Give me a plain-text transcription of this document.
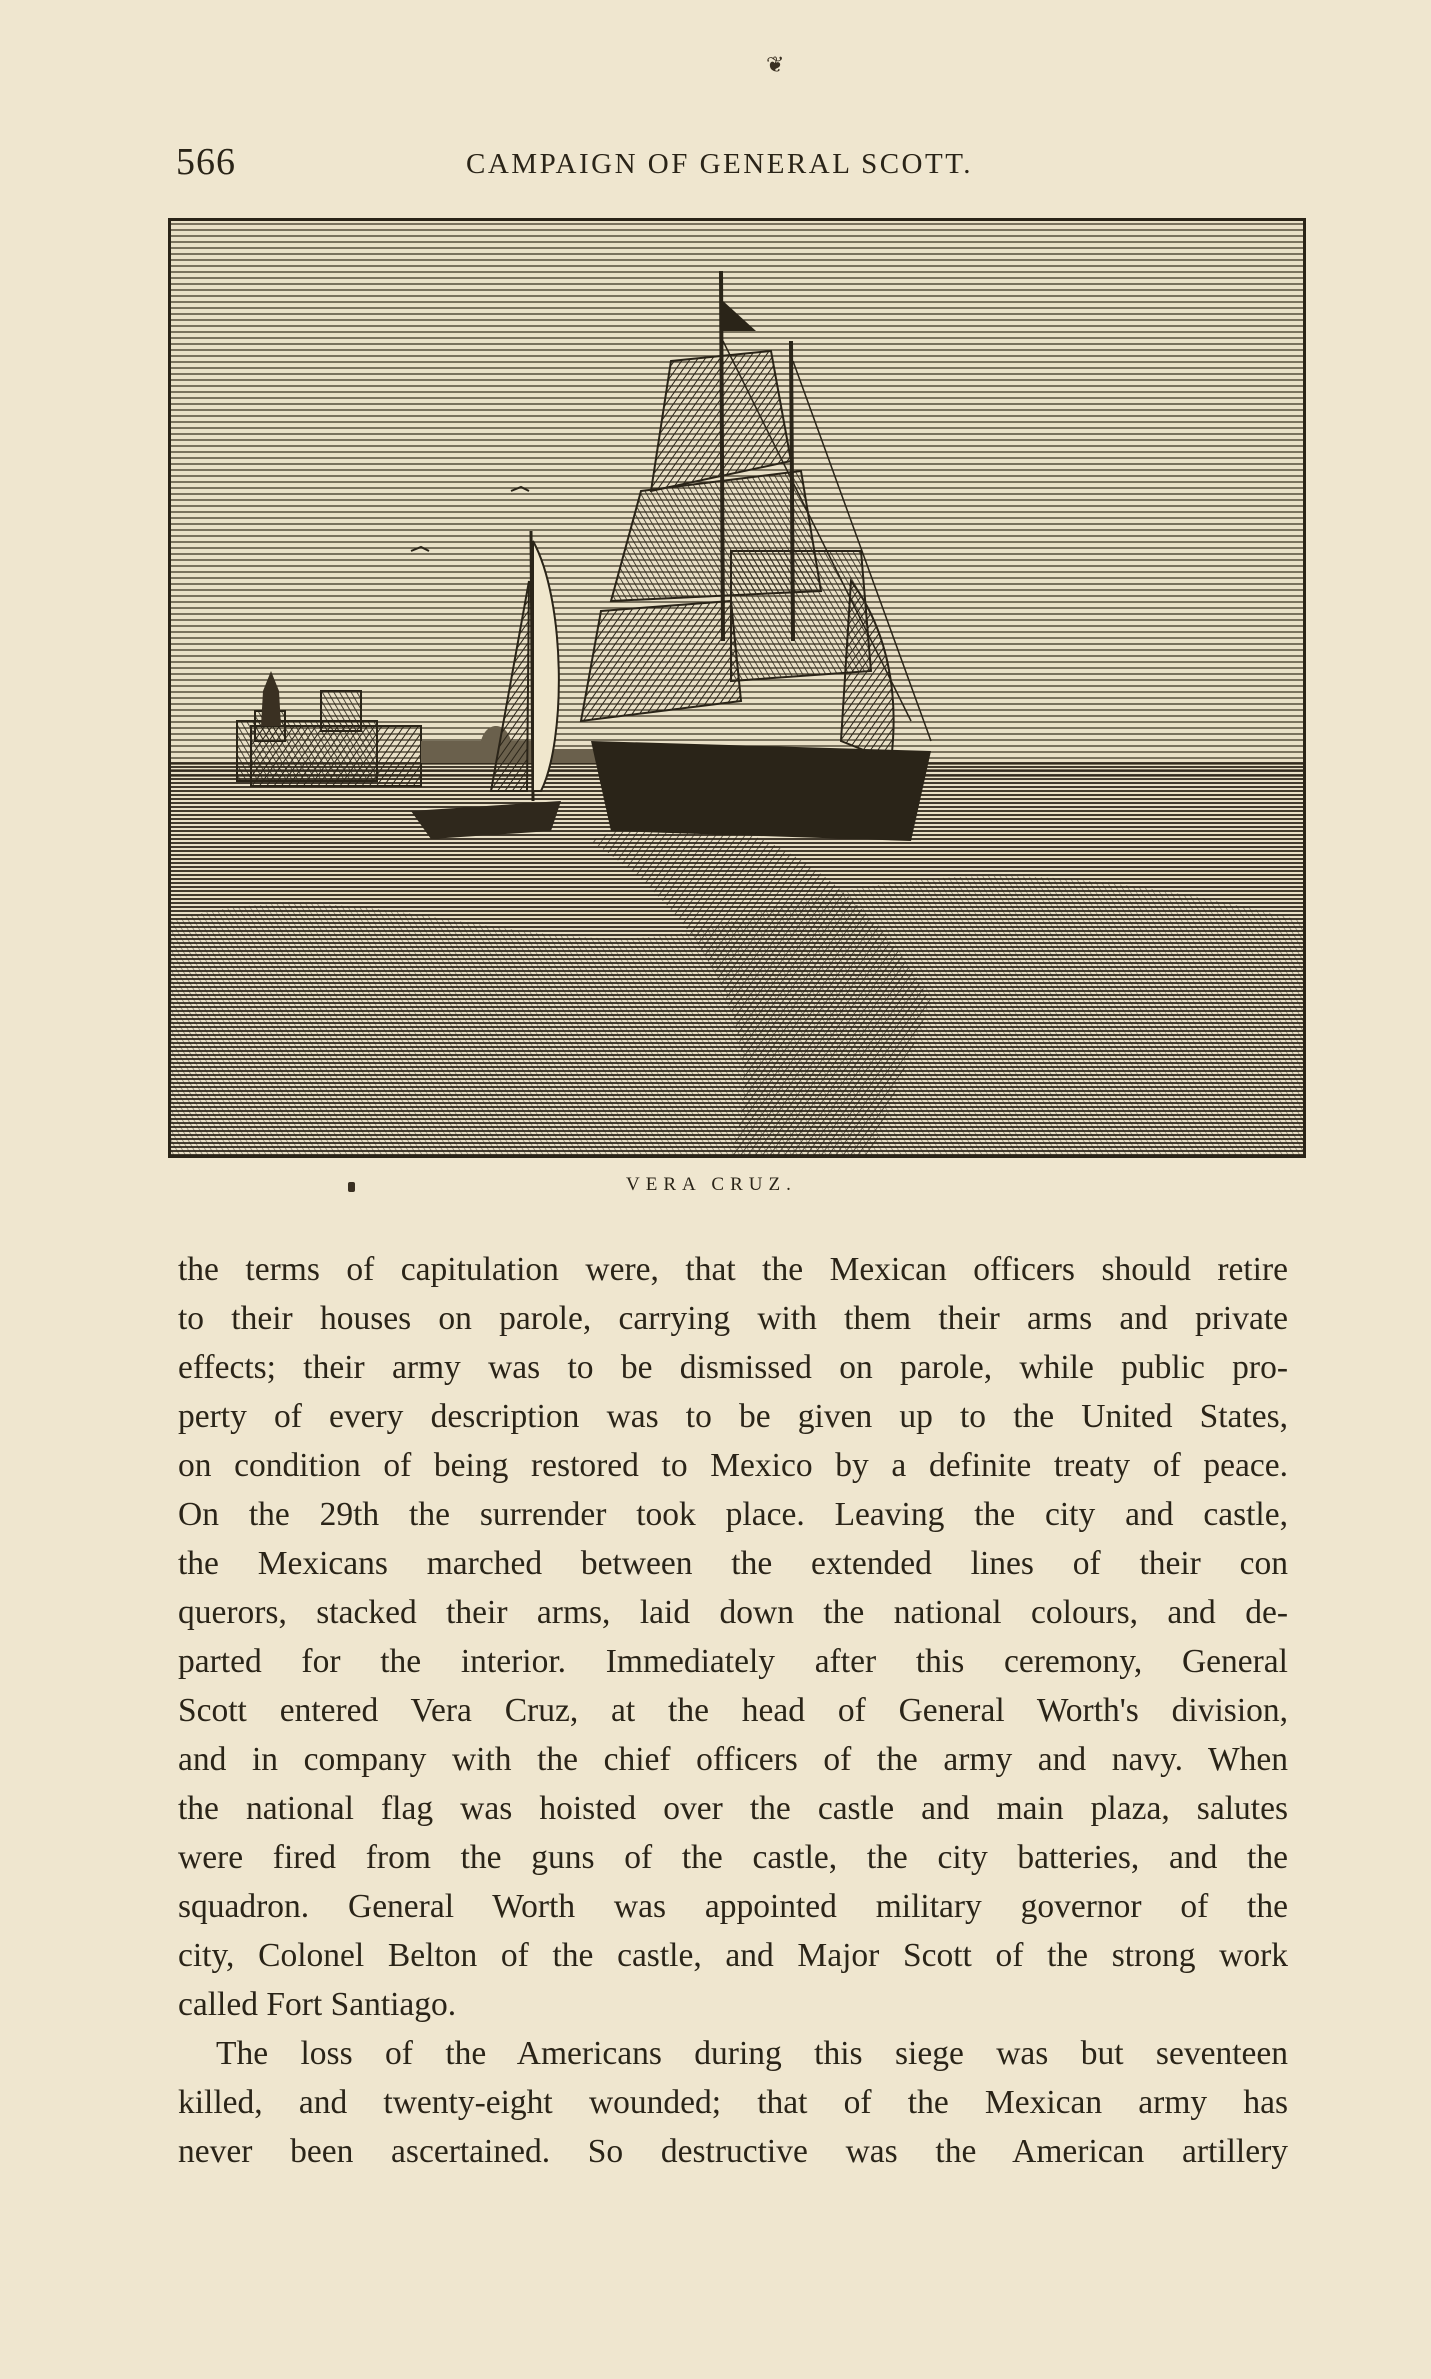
❦
566	CAMPAIGN OF GENERAL SCOTT.
VERA CRUZ.
the terms of capitulation were, that the Mexican officers should retire
to their houses on parole, carrying with them their arms and private
effects; their army was to be dismissed on parole, while public pro-
perty of every description was to be given up to the United States,
on condition of being restored to Mexico by a definite treaty of peace.
On the 29th the surrender took place. Leaving the city and castle,
the Mexicans marched between the extended lines of their con
querors, stacked their arms, laid down the national colours, and de-
parted for the interior. Immediately after this ceremony, General
Scott entered Vera Cruz, at the head of General Worth's division,
and in company with the chief officers of the army and navy. When
the national flag was hoisted over the castle and main plaza, salutes
were fired from the guns of the castle, the city batteries, and the
squadron. General Worth was appointed military governor of the
city, Colonel Belton of the castle, and Major Scott of the strong work
called Fort Santiago.
The loss of the Americans during this siege was but seventeen
killed, and twenty-eight wounded; that of the Mexican army has
never been ascertained. So destructive was the American artillery
